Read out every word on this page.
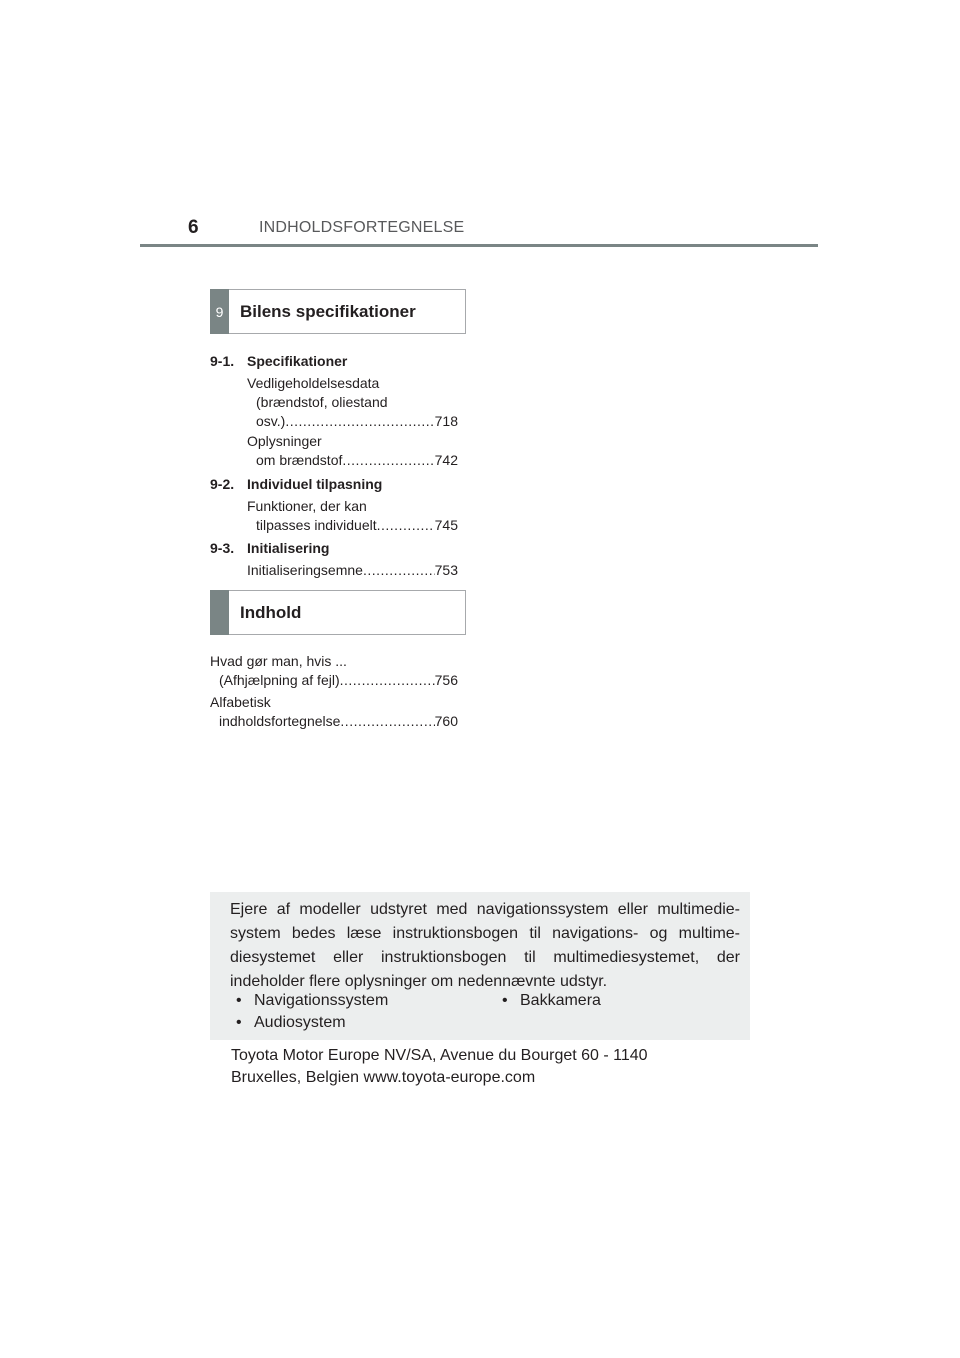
6	INDHOLDSFORTEGNELSE
9 Bilens specifikationer
9-1. Specifikationer
Vedligeholdelsesdata
(brændstof, oliestand
osv.) .....	718
Oplysninger
om brændstof .....	742
9-2. Individuel tilpasning
Funktioner, der kan
tilpasses individuelt .....	745
9-3. Initialisering
Initialiseringsemne .....	753
Indhold
Hvad gør man, hvis ...
(Afhjælpning af fejl) .....	756
Alfabetisk
indholdsfortegnelse .....	760
Ejere af modeller udstyret med navigationssystem eller multimedie-system bedes læse instruktionsbogen til navigations- og multime-diesystemet eller instruktionsbogen til multimediesystemet, der indeholder flere oplysninger om nedennævnte udstyr.
• Navigationssystem
• Audiosystem
• Bakkamera
Toyota Motor Europe NV/SA, Avenue du Bourget 60 - 1140
Bruxelles, Belgien www.toyota-europe.com
